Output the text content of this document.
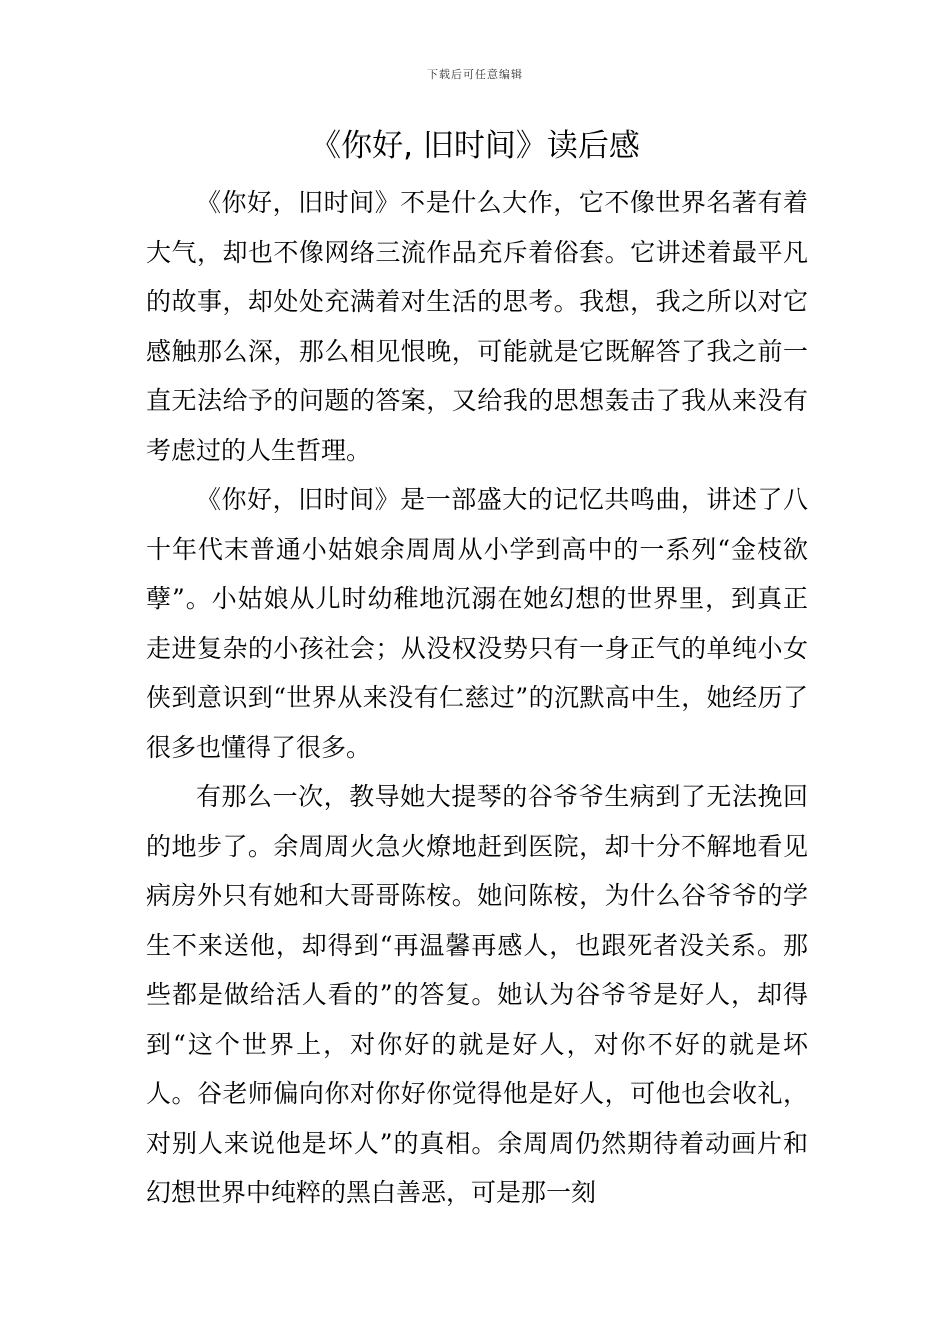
下载后可任意编辑
《你好, 旧时间》读后感

《你好，旧时间》不是什么大作，它不像世界名著有着大气，却也不像网络三流作品充斥着俗套。它讲述着最平凡的故事，却处处充满着对生活的思考。我想，我之所以对它感触那么深，那么相见恨晚，可能就是它既解答了我之前一直无法给予的问题的答案，又给我的思想轰击了我从来没有考虑过的人生哲理。

《你好，旧时间》是一部盛大的记忆共鸣曲，讲述了八十年代末普通小姑娘余周周从小学到高中的一系列“金枝欲孽”。小姑娘从儿时幼稚地沉溺在她幻想的世界里，到真正走进复杂的小孩社会；从没权没势只有一身正气的单纯小女侠到意识到“世界从来没有仁慈过”的沉默高中生，她经历了很多也懂得了很多。

有那么一次，教导她大提琴的谷爷爷生病到了无法挽回的地步了。余周周火急火燎地赶到医院，却十分不解地看见病房外只有她和大哥哥陈桉。她问陈桉，为什么谷爷爷的学生不来送他，却得到“再温馨再感人，也跟死者没关系。那些都是做给活人看的”的答复。她认为谷爷爷是好人，却得到“这个世界上，对你好的就是好人，对你不好的就是坏人。谷老师偏向你对你好你觉得他是好人，可他也会收礼，对别人来说他是坏人”的真相。余周周仍然期待着动画片和幻想世界中纯粹的黑白善恶，可是那一刻
